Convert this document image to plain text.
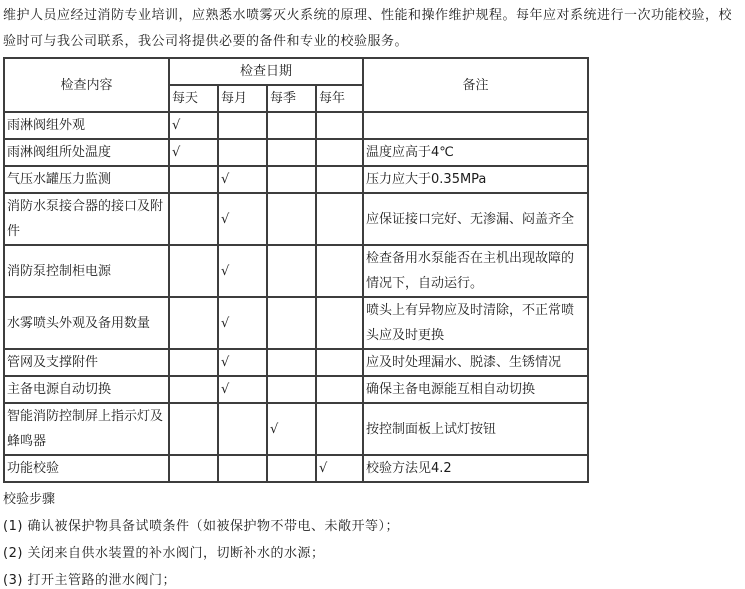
维护人员应经过消防专业培训，应熟悉水喷雾灭火系统的原理、性能和操作维护规程。每年应对系统进行一次功能校验，校验时可与我公司联系，我公司将提供必要的备件和专业的校验服务。

检查内容	检查日期				备注
	每天	每月	每季	每年	
雨淋阀组外观	√				
雨淋阀组所处温度	√				温度应高于4℃
气压水罐压力监测		√			压力应大于0.35MPa
消防水泵接合器的接口及附件		√			应保证接口完好、无渗漏、闷盖齐全
消防泵控制柜电源		√			检查备用水泵能否在主机出现故障的情况下，自动运行。
水雾喷头外观及备用数量		√			喷头上有异物应及时清除，不正常喷头应及时更换
管网及支撑附件		√			应及时处理漏水、脱漆、生锈情况
主备电源自动切换		√			确保主备电源能互相自动切换
智能消防控制屏上指示灯及蜂鸣器			√		按控制面板上试灯按钮
功能校验				√	校验方法见4.2
校验步骤
(1) 确认被保护物具备试喷条件（如被保护物不带电、未敞开等）；
(2) 关闭来自供水装置的补水阀门，切断补水的水源；
(3) 打开主管路的泄水阀门；
